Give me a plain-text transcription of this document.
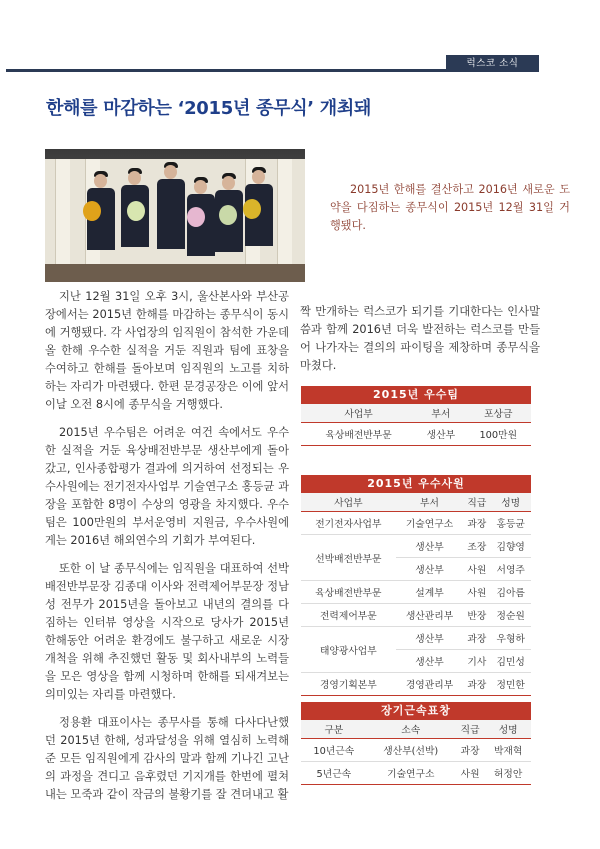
럭스코 소식
한해를 마감하는 ‘2015년 종무식’ 개최돼
2015년 한해를 결산하고 2016년 새로운 도약을 다짐하는 종무식이 2015년 12월 31일 거행됐다.

지난 12월 31일 오후 3시, 울산본사와 부산공장에서는 2015년 한해를 마감하는 종무식이 동시에 거행됐다. 각 사업장의 임직원이 참석한 가운데 올 한해 우수한 실적을 거둔 직원과 팀에 표창을 수여하고 한해를 돌아보며 임직원의 노고를 치하하는 자리가 마련됐다. 한편 문경공장은 이에 앞서 이날 오전 8시에 종무식을 거행했다.

2015년 우수팀은 어려운 여건 속에서도 우수한 실적을 거둔 육상배전반부문 생산부에게 돌아갔고, 인사종합평가 결과에 의거하여 선정되는 우수사원에는 전기전자사업부 기술연구소 홍등균 과장을 포함한 8명이 수상의 영광을 차지했다. 우수팀은 100만원의 부서운영비 지원금, 우수사원에게는 2016년 해외연수의 기회가 부여된다.

또한 이 날 종무식에는 임직원을 대표하여 선박배전반부문장 김종대 이사와 전력제어부문장 정남성 전무가 2015년을 돌아보고 내년의 결의를 다짐하는 인터뷰 영상을 시작으로 당사가 2015년 한해동안 어려운 환경에도 불구하고 새로운 시장개척을 위해 추진했던 활동 및 회사내부의 노력들을 모은 영상을 함께 시청하며 한해를 되새겨보는 의미있는 자리를 마련했다.

정용환 대표이사는 종무사를 통해 다사다난했던 2015년 한해, 성과달성을 위해 열심히 노력해준 모든 임직원에게 감사의 말과 함께 기나긴 고난의 과정을 견디고 음후렸던 기지개를 한번에 펼쳐내는 모죽과 같이 작금의 불황기를 잘 견뎌내고 활

짝 만개하는 럭스코가 되기를 기대한다는 인사말씀과 함께 2016년 더욱 발전하는 럭스코를 만들어 나가자는 결의의 파이팅을 제창하며 종무식을 마쳤다.

2015년 우수팀
사업부	부서	포상금
육상배전반부문	생산부	100만원
2015년 우수사원
사업부	부서	직급	성명
전기전자사업부	기술연구소	과장	홍등균
선박배전반부문	생산부	조장	김향영
	생산부	사원	서영주
육상배전반부문	설계부	사원	김아름
전력제어부문	생산관리부	반장	정순원
태양광사업부	생산부	과장	우형하
	생산부	기사	김민성
경영기획본부	경영관리부	과장	정민한
장기근속표창
구분	소속	직급	성명
10년근속	생산부(선박)	과장	박재혁
5년근속	기술연구소	사원	허정안
